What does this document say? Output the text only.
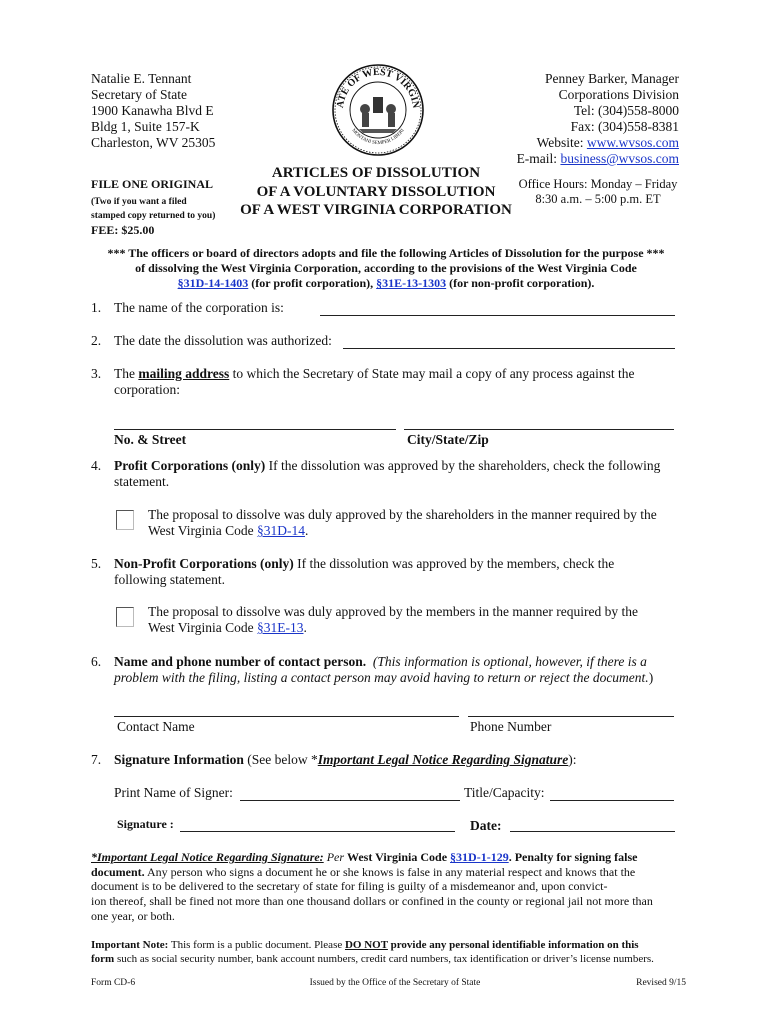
Natalie E. Tennant
Secretary of State
1900 Kanawha Blvd E
Bldg 1, Suite 157-K
Charleston, WV 25305
ATE OF WEST VIRGIN
MONTANI SEMPER LIBERI
Penney Barker, Manager
Corporations Division
Tel: (304)558-8000
Fax: (304)558-8381
Website: www.wvsos.com
E-mail: business@wvsos.com
FILE ONE ORIGINAL
(Two if you want a filed
stamped copy returned to you)
FEE: $25.00
ARTICLES OF DISSOLUTION
OF A VOLUNTARY DISSOLUTION
OF A WEST VIRGINIA CORPORATION
Office Hours: Monday – Friday
8:30 a.m. – 5:00 p.m. ET
*** The officers or board of directors adopts and file the following Articles of Dissolution for the purpose ***
of dissolving the West Virginia Corporation, according to the provisions of the West Virginia Code
§31D-14-1403 (for profit corporation), §31E-13-1303 (for non-profit corporation).
1. The name of the corporation is:
2. The date the dissolution was authorized:
3. The mailing address to which the Secretary of State may mail a copy of any process against the
corporation:
No. & Street	City/State/Zip
4. Profit Corporations (only) If the dissolution was approved by the shareholders, check the following
statement.
The proposal to dissolve was duly approved by the shareholders in the manner required by the
West Virginia Code §31D-14.
5. Non-Profit Corporations (only) If the dissolution was approved by the members, check the
following statement.
The proposal to dissolve was duly approved by the members in the manner required by the
West Virginia Code §31E-13.
6. Name and phone number of contact person. (This information is optional, however, if there is a
problem with the filing, listing a contact person may avoid having to return or reject the document.)
Contact Name	Phone Number
7. Signature Information (See below *Important Legal Notice Regarding Signature):
Print Name of Signer:	Title/Capacity:
Signature :	Date:
*Important Legal Notice Regarding Signature: Per West Virginia Code §31D-1-129. Penalty for signing false
document. Any person who signs a document he or she knows is false in any material respect and knows that the
document is to be delivered to the secretary of state for filing is guilty of a misdemeanor and, upon convict-
ion thereof, shall be fined not more than one thousand dollars or confined in the county or regional jail not more than
one year, or both.
Important Note: This form is a public document. Please DO NOT provide any personal identifiable information on this
form such as social security number, bank account numbers, credit card numbers, tax identification or driver’s license numbers.
Form CD-6	Issued by the Office of the Secretary of State	Revised 9/15
